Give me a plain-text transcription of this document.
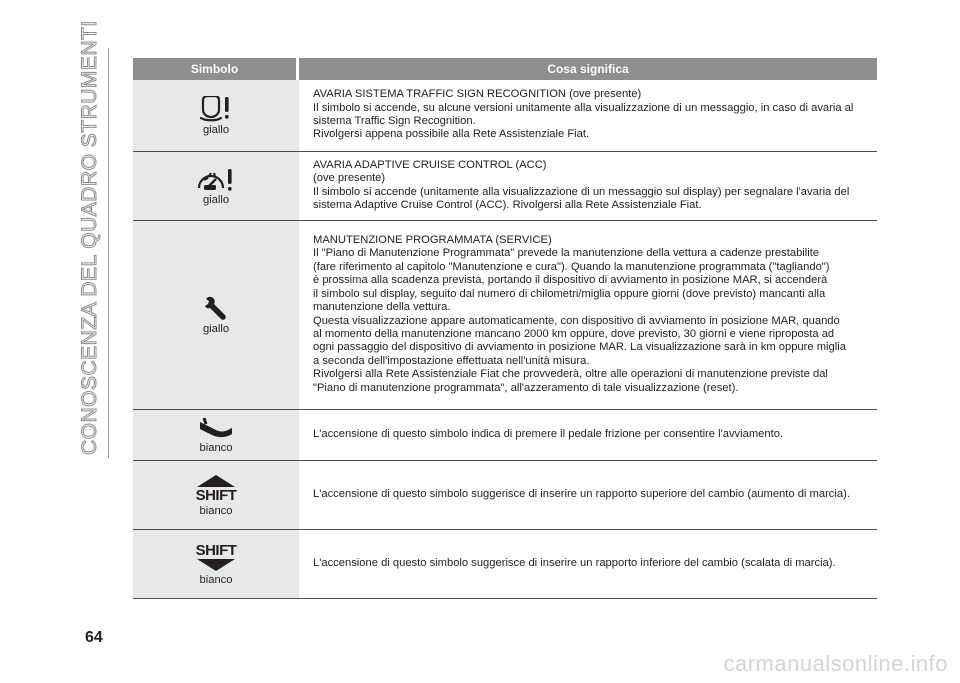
CONOSCENZA DEL QUADRO STRUMENTI	Simbolo	Cosa significa
giallo
AVARIA SISTEMA TRAFFIC SIGN RECOGNITION (ove presente)
Il simbolo si accende, su alcune versioni unitamente alla visualizzazione di un messaggio, in caso di avaria al sistema Traffic Sign Recognition.
Rivolgersi appena possibile alla Rete Assistenziale Fiat.
giallo
AVARIA ADAPTIVE CRUISE CONTROL (ACC)
(ove presente)
Il simbolo si accende (unitamente alla visualizzazione di un messaggio sul display) per segnalare l'avaria del sistema Adaptive Cruise Control (ACC). Rivolgersi alla Rete Assistenziale Fiat.
giallo
MANUTENZIONE PROGRAMMATA (SERVICE)
Il "Piano di Manutenzione Programmata" prevede la manutenzione della vettura a cadenze prestabilite
(fare riferimento al capitolo "Manutenzione e cura"). Quando la manutenzione programmata ("tagliando")
è prossima alla scadenza prevista, portando il dispositivo di avviamento in posizione MAR, si accenderà
il simbolo sul display, seguito dal numero di chilometri/miglia oppure giorni (dove previsto) mancanti alla
manutenzione della vettura.
Questa visualizzazione appare automaticamente, con dispositivo di avviamento in posizione MAR, quando
al momento della manutenzione mancano 2000 km oppure, dove previsto, 30 giorni e viene riproposta ad
ogni passaggio del dispositivo di avviamento in posizione MAR. La visualizzazione sarà in km oppure miglia
a seconda dell'impostazione effettuata nell'unità misura.
Rivolgersi alla Rete Assistenziale Fiat che provvederà, oltre alle operazioni di manutenzione previste dal
"Piano di manutenzione programmata", all'azzeramento di tale visualizzazione (reset).
bianco
L'accensione di questo simbolo indica di premere il pedale frizione per consentire l'avviamento.
SHIFT
bianco
L'accensione di questo simbolo suggerisce di inserire un rapporto superiore del cambio (aumento di marcia).
SHIFT
bianco
L'accensione di questo simbolo suggerisce di inserire un rapporto inferiore del cambio (scalata di marcia).
64
carmanualsonline.info
